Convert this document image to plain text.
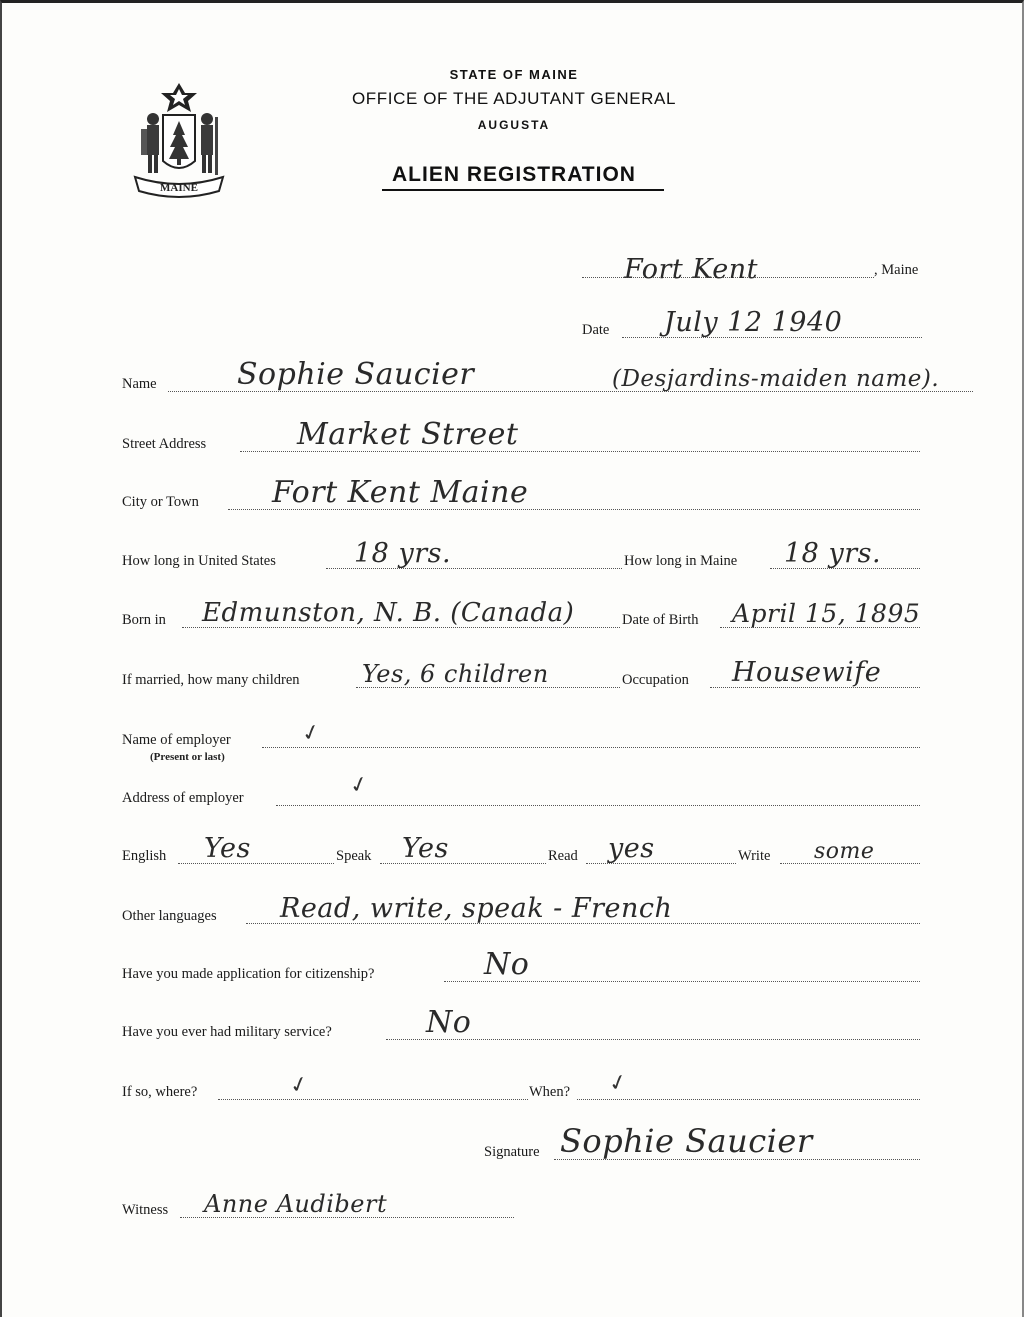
MAINE
STATE OF MAINE
OFFICE OF THE ADJUTANT GENERAL
AUGUSTA
ALIEN REGISTRATION
Fort Kent	, Maine
Date July 12 1940
Name	Sophie Saucier	(Desjardins-maiden name).
Street Address	Market Street
City or Town Fort Kent Maine
How long in United States	18 yrs.	How long in Maine 18 yrs.
Born in Edmunston, N. B. (Canada)	Date of Birth April 15, 1895
If married, how many children	Yes, 6 children	Occupation Housewife
Name of employer	✓
(Present or last)
Address of employer	✓
English Yes	Speak Yes	Read yes	Write some
Other languages Read, write, speak - French
Have you made application for citizenship?	No
Have you ever had military service?	No
If so, where?	✓	When? ✓
Signature Sophie Saucier
Witness Anne Audibert
